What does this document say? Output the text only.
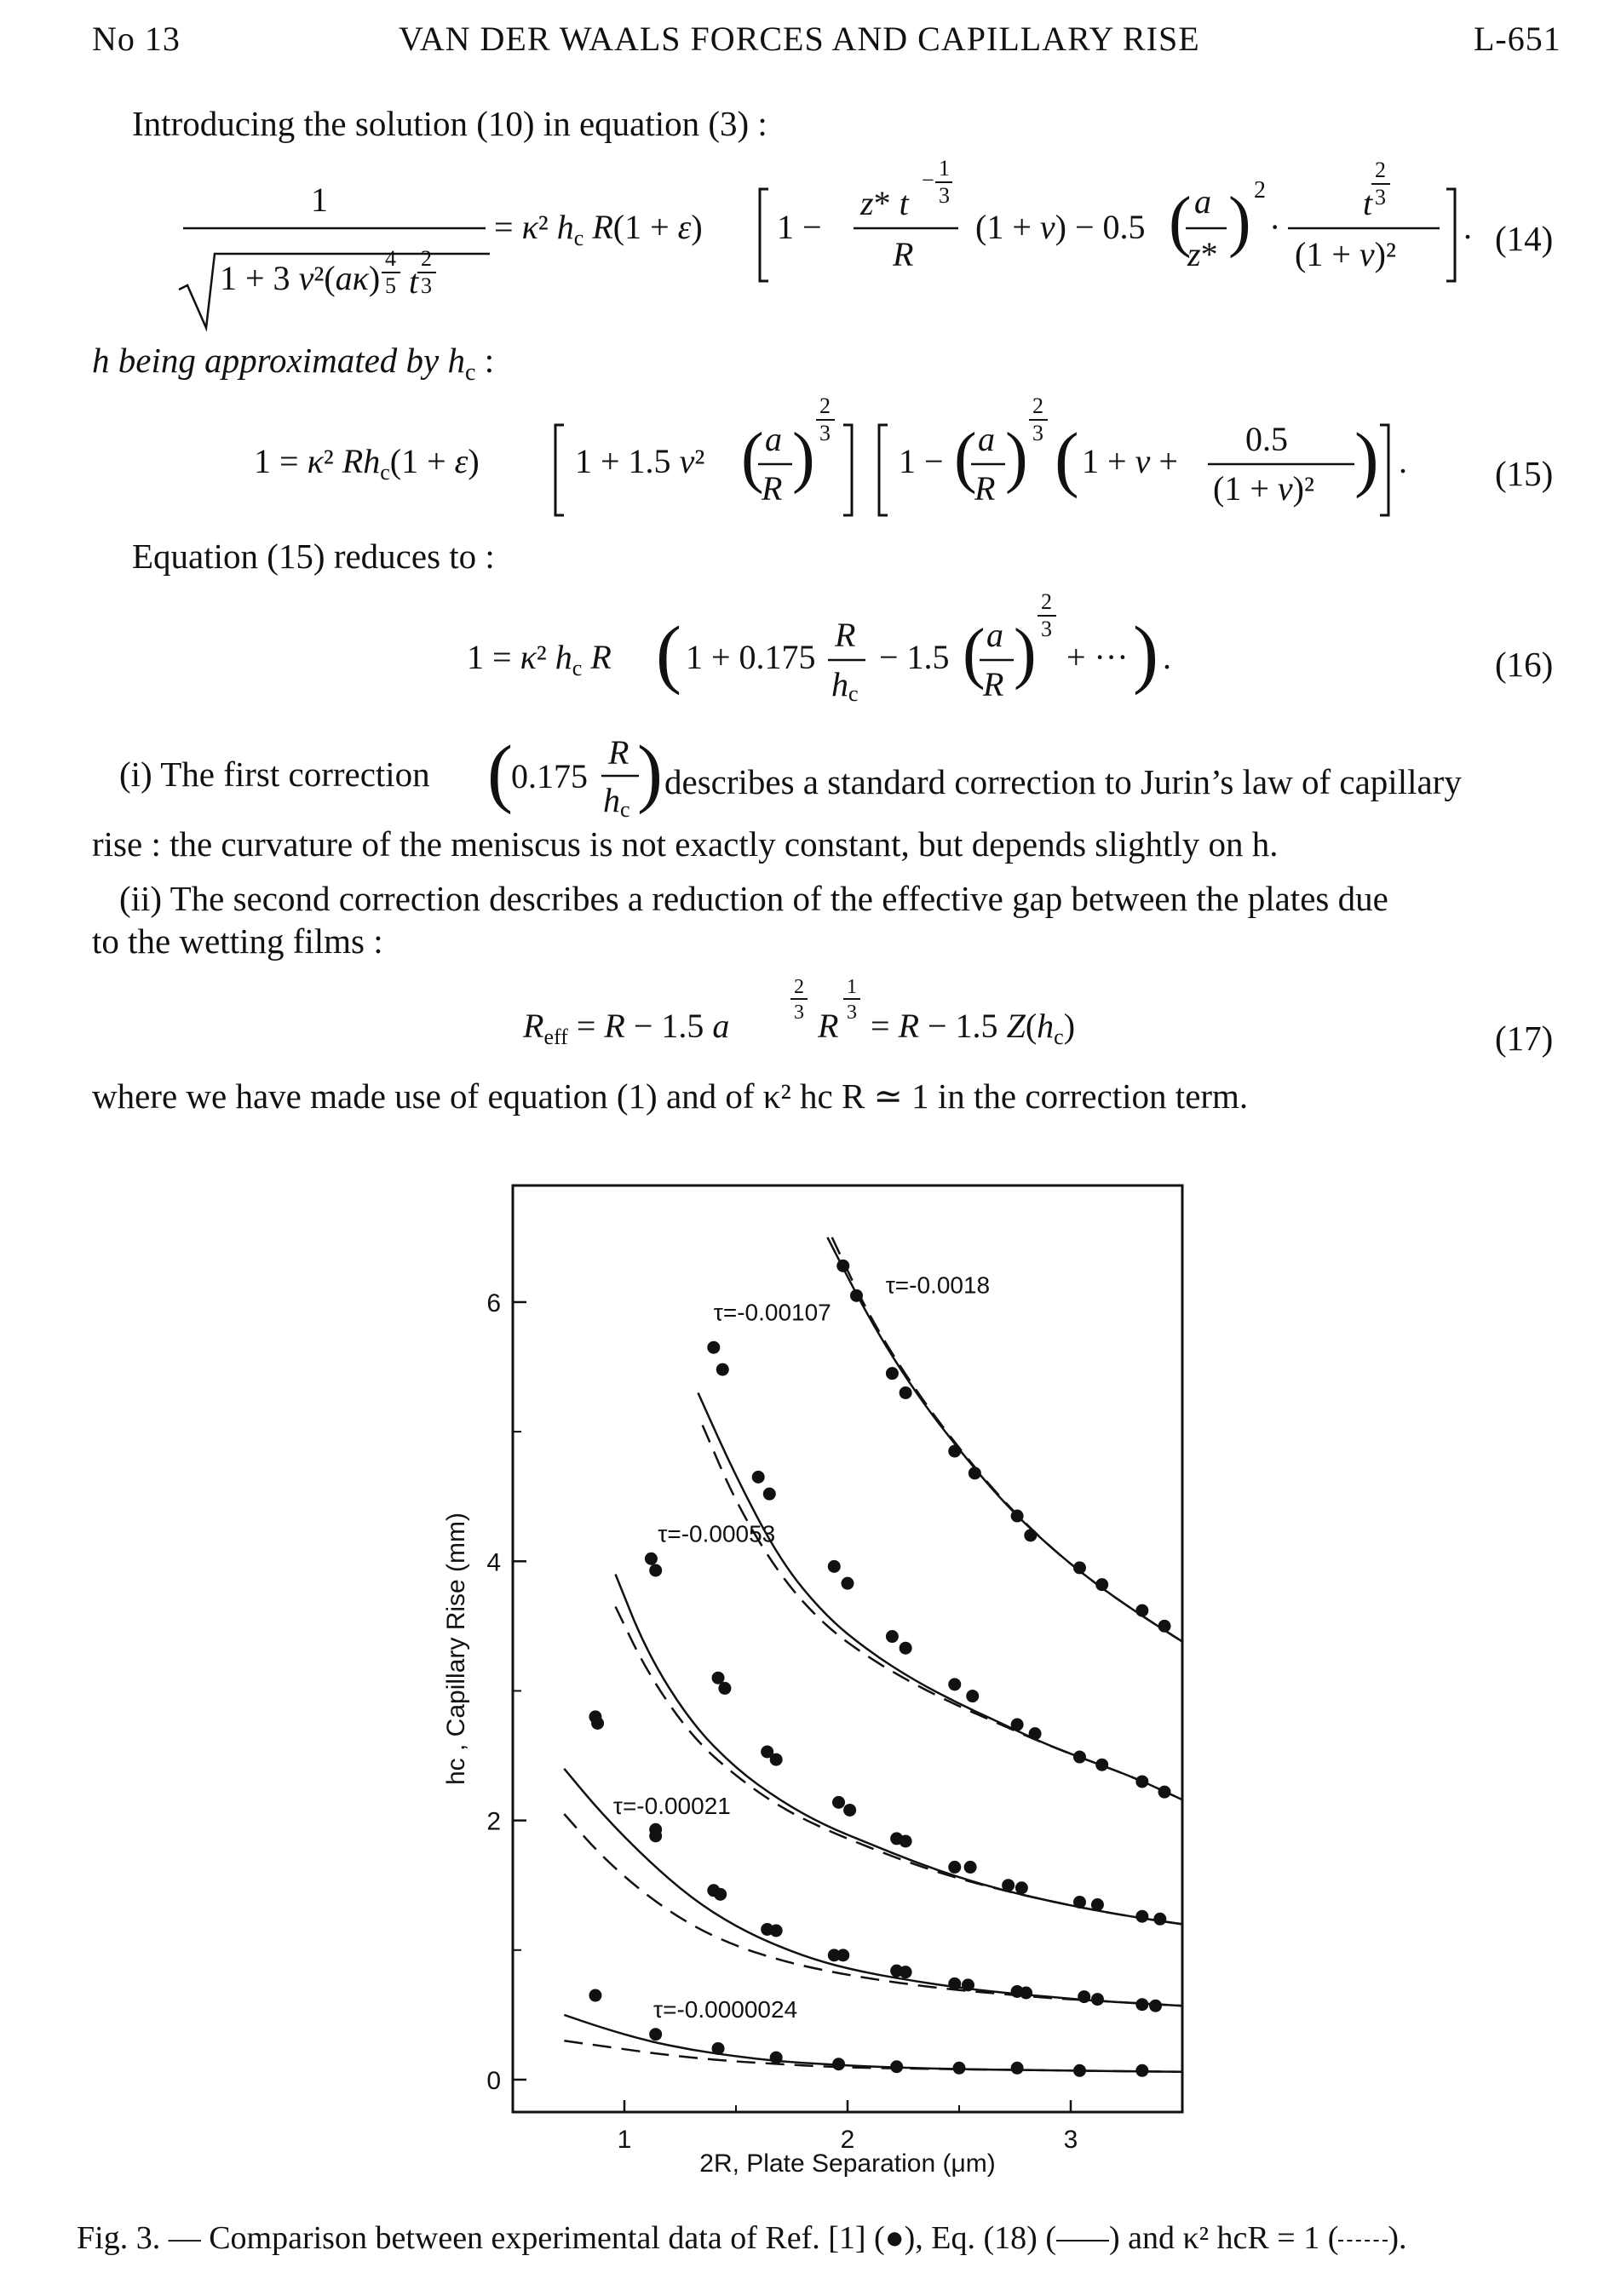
No 13	VAN DER WAALS FORCES AND CAPILLARY RISE	L-651
Introducing the solution (10) in equation (3) :
1
1 + 3 v²(aκ)
4
5 t
2
3
= κ² $h_c$ R(1 + ε) 1 −
z* t
− 1
3
R
(1 + v) − 0.5 ( a
z* ) 2
·
t
2
3
(1 + v)²
. (14)
h being approximated by $h_c$ :
1 = κ² $Rh_c(1 + \varepsilon)$	1 + 1.5 v² ( a
R )
2
3
1 − ( a
R )
2
3 ( 1 + v +
0.5
(1 + v)² ) .	(15)
Equation (15) reduces to :
1 = κ² $h_c$ R ( 1 + 0.175
R
hc
− 1.5 ( a
R )
2
3
+ ··· ) .	(16)
(i) The first correction (
0.175
R
hc ) describes a standard correction to Jurin’s law of capillary
rise : the curvature of the meniscus is not exactly constant, but depends slightly on h.
(ii) The second correction describes a reduction of the effective gap between the plates due
to the wetting films :
$R_{eff} = R - 1.5$ a
2
3 R
1
3 = R − 1.5 $Z(h_c)$	(17)
where we have made use of equation (1) and of κ² hc R ≃ 1 in the correction term.
1	2	3
0
2
4
6
τ=-0.0018
τ=-0.00107
τ=-0.00053
τ=-0.00021
τ=-0.0000024
2R, Plate Separation (μm)
hc , Capillary Rise (mm)
Fig. 3. — Comparison between experimental data of Ref. [1] (●), Eq. (18) ( ) and κ² hcR = 1 ( ).
